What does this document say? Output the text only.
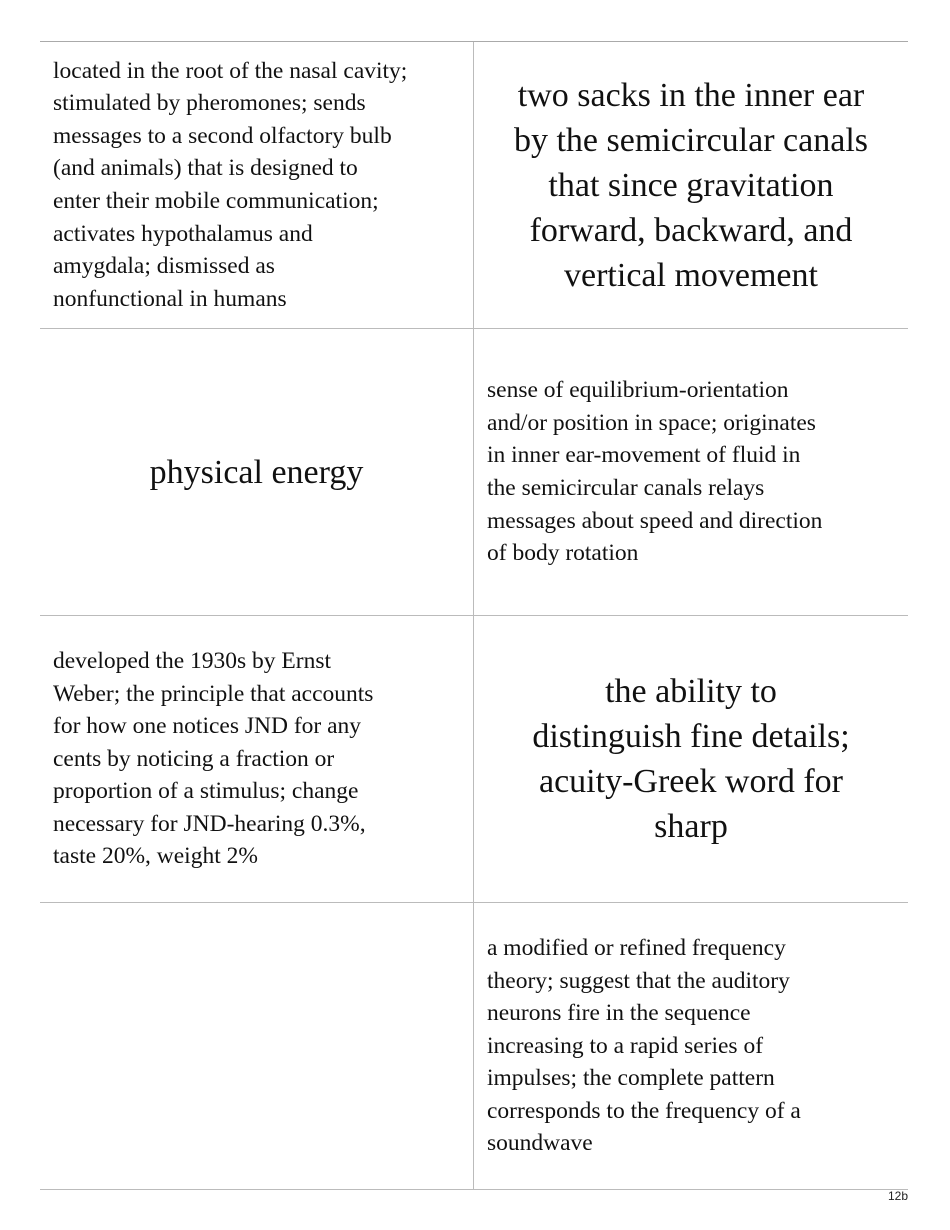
located in the root of the nasal cavity;
stimulated by pheromones; sends
messages to a second olfactory bulb
(and animals) that is designed to
enter their mobile communication;
activates hypothalamus and
amygdala; dismissed as
nonfunctional in humans
two sacks in the inner ear
by the semicircular canals
that since gravitation
forward, backward, and
vertical movement
physical energy
sense of equilibrium-orientation
and/or position in space; originates
in inner ear-movement of fluid in
the semicircular canals relays
messages about speed and direction
of body rotation
developed the 1930s by Ernst
Weber; the principle that accounts
for how one notices JND for any
cents by noticing a fraction or
proportion of a stimulus; change
necessary for JND-hearing 0.3%,
taste 20%, weight 2%
the ability to
distinguish fine details;
acuity-Greek word for
sharp
a modified or refined frequency
theory; suggest that the auditory
neurons fire in the sequence
increasing to a rapid series of
impulses; the complete pattern
corresponds to the frequency of a
soundwave
12b
